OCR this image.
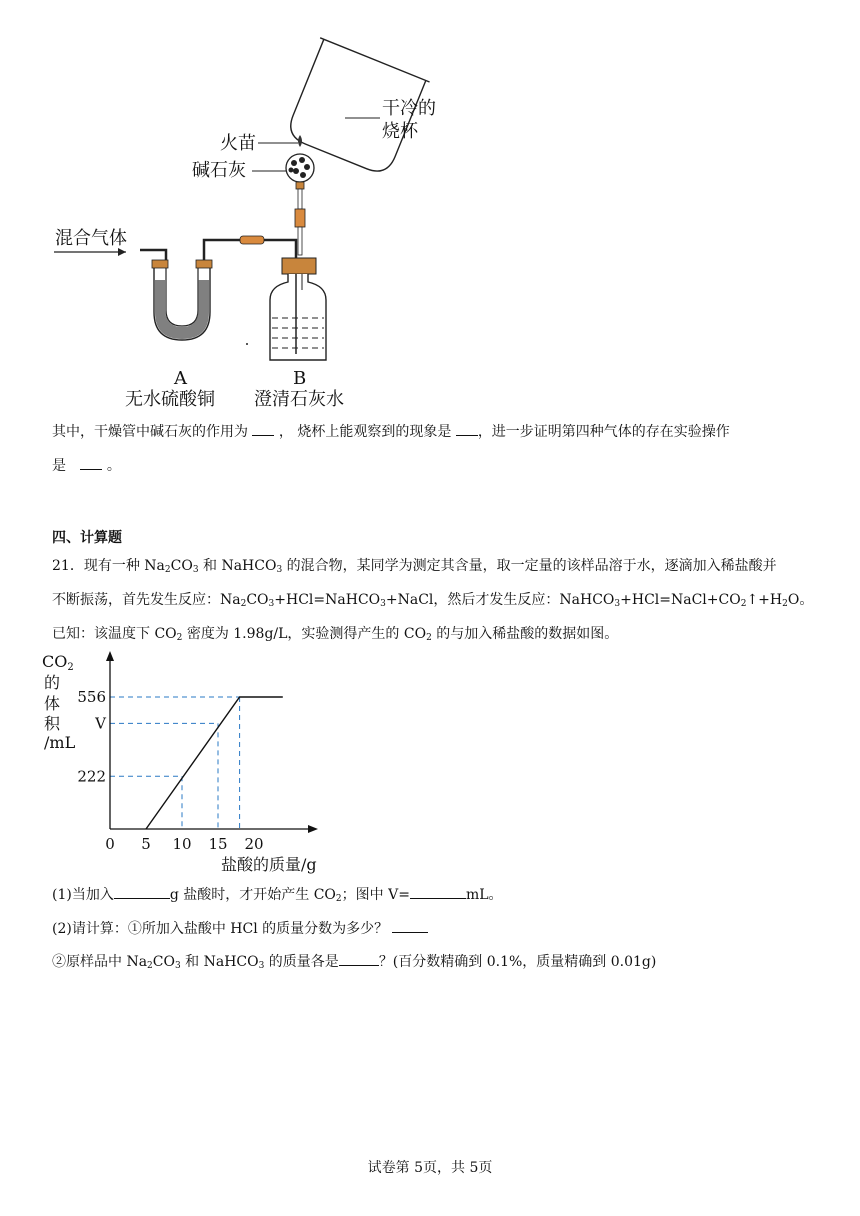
干冷的
烧杯
火苗
碱石灰
混合气体
A
无水硫酸铜
B
澄清石灰水
其中，干燥管中碱石灰的作用为 ， 烧杯上能观察到的现象是 ，进一步证明第四种气体的存在实验操作
是	。
四、计算题
21．现有一种 $Na_2CO_3$ 和 NaHCO$_3$ 的混合物，某同学为测定其含量，取一定量的该样品溶于水，逐滴加入稀盐酸并
不断振荡，首先发生反应：$Na_2CO_3+HCl=NaHCO_3+NaCl$，然后才发生反应：$NaHCO_3+HCl=NaCl+CO_2↑+H_2O$。
已知：该温度下 $CO_2$ 密度为 1.98g/L，实验测得产生的 $CO_2$ 的与加入稀盐酸的数据如图。
0 5 10 15 20
222
V
556
CO2
的
体
积
/mL
盐酸的质量/g
(1)当加入	g 盐酸时，才开始产生 $CO_2$；图中 V=	mL。
(2)请计算：①所加入盐酸中 HCl 的质量分数为多少？
②原样品中 $Na_2CO_3$ 和 NaHCO$_3$ 的质量各是	？(百分数精确到 0.1%，质量精确到 0.01g)
试卷第 5页，共 5页
